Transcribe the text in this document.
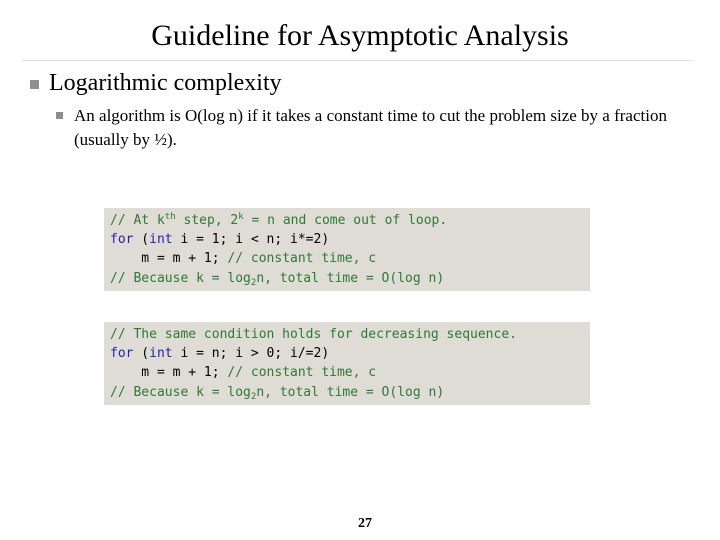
Guideline for Asymptotic Analysis
Logarithmic complexity
An algorithm is O(log n) if it takes a constant time to cut the problem size by a fraction (usually by ½).
// At $k^{th}$ step, $2^k = n$ and come out of loop.
for (int i = 1; i < n; i*=2)
m = m + 1; // constant time, c
// Because $k = \log_2n$, total time = O(log n)
// The same condition holds for decreasing sequence.
for (int i = n; i > 0; i/=2)
m = m + 1; // constant time, c
// Because $k = \log_2n$, total time = O(log n)
27
